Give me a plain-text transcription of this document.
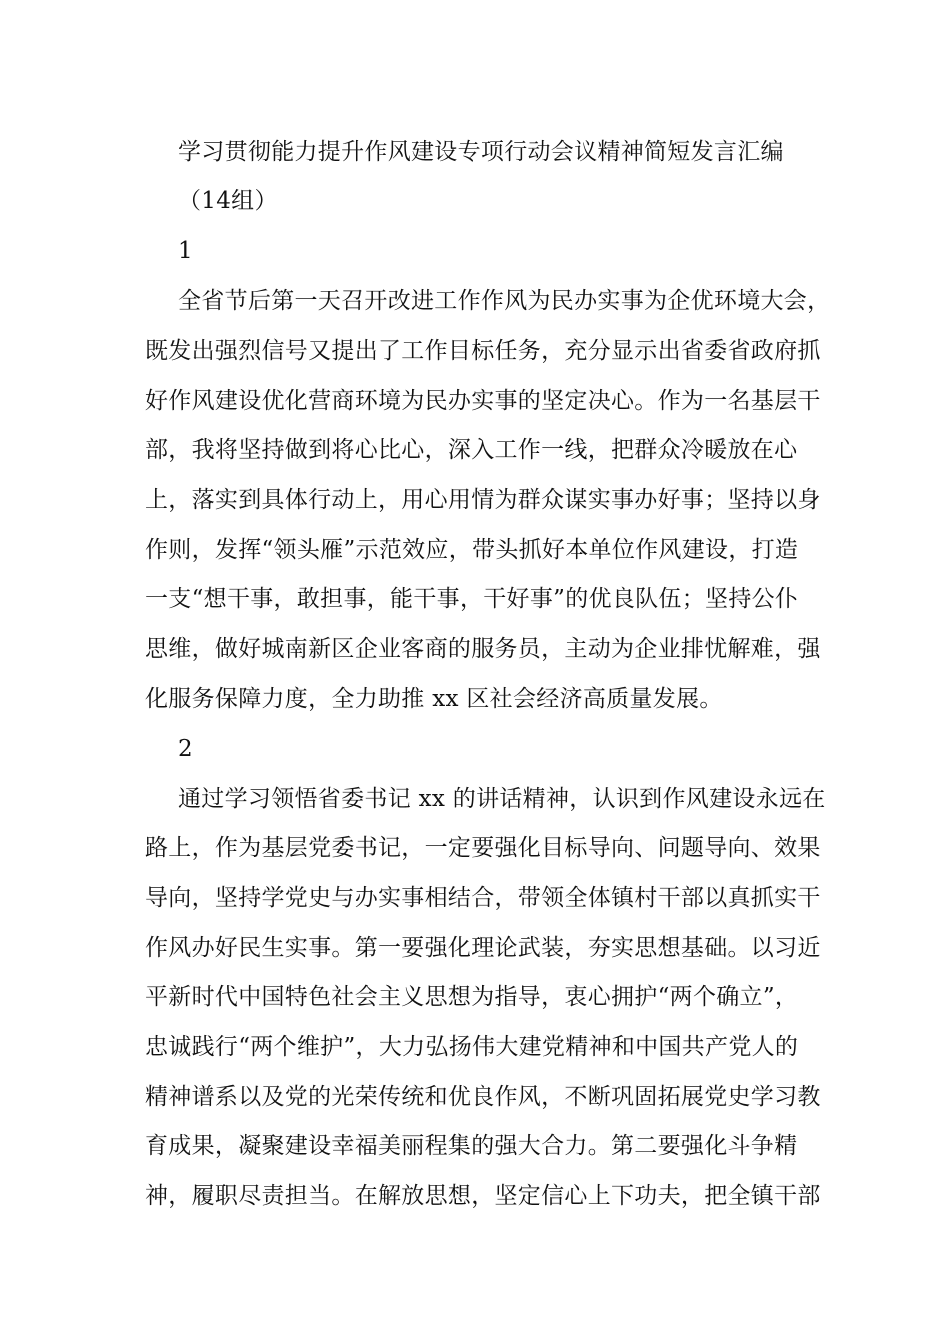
学习贯彻能力提升作风建设专项行动会议精神简短发言汇编
（14组）
1
全省节后第一天召开改进工作作风为民办实事为企优环境大会，
既发出强烈信号又提出了工作目标任务，充分显示出省委省政府抓
好作风建设优化营商环境为民办实事的坚定决心。作为一名基层干
部，我将坚持做到将心比心，深入工作一线，把群众冷暖放在心
上，落实到具体行动上，用心用情为群众谋实事办好事；坚持以身
作则，发挥“领头雁”示范效应，带头抓好本单位作风建设，打造
一支“想干事，敢担事，能干事，干好事”的优良队伍；坚持公仆
思维，做好城南新区企业客商的服务员，主动为企业排忧解难，强
化服务保障力度，全力助推 xx 区社会经济高质量发展。
2
通过学习领悟省委书记 xx 的讲话精神，认识到作风建设永远在
路上，作为基层党委书记，一定要强化目标导向、问题导向、效果
导向，坚持学党史与办实事相结合，带领全体镇村干部以真抓实干
作风办好民生实事。第一要强化理论武装，夯实思想基础。以习近
平新时代中国特色社会主义思想为指导，衷心拥护“两个确立”，
忠诚践行“两个维护”，大力弘扬伟大建党精神和中国共产党人的
精神谱系以及党的光荣传统和优良作风，不断巩固拓展党史学习教
育成果，凝聚建设幸福美丽程集的强大合力。第二要强化斗争精
神，履职尽责担当。在解放思想，坚定信心上下功夫，把全镇干部
